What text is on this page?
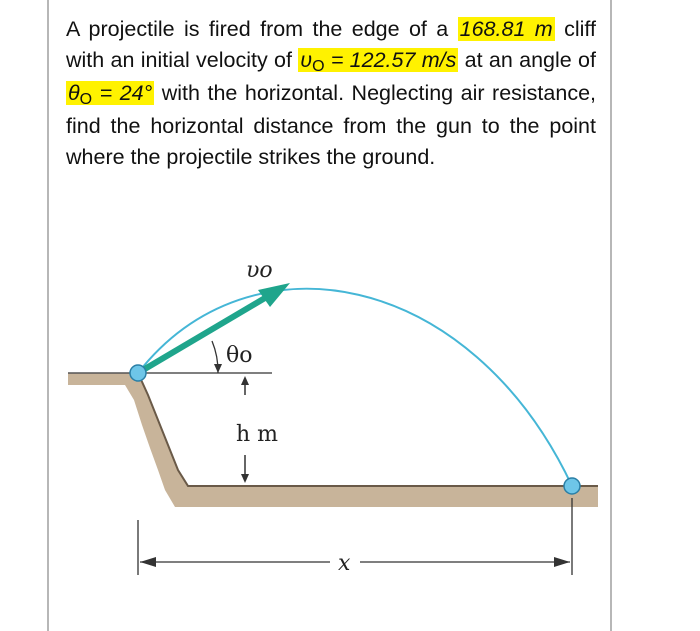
A projectile is fired from the edge of a 168.81 m cliff with an initial velocity of υO = 122.57 m/s at an angle of θO = 24° with the horizontal. Neglecting air resistance, find the horizontal distance from the gun to the point where the projectile strikes the ground.
υo
θo
h m
x
